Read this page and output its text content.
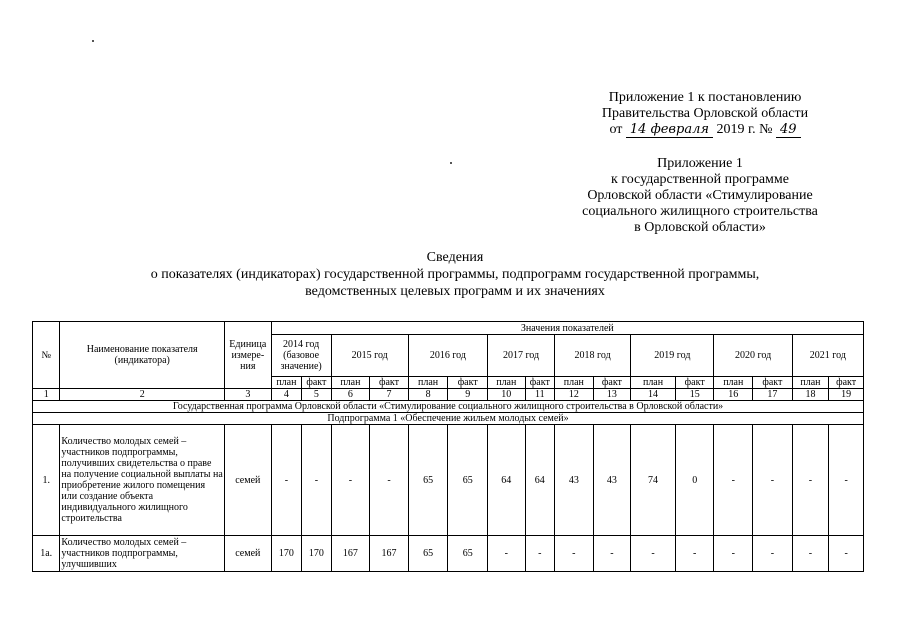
Приложение 1 к постановлению
Правительства Орловской области
от 14 февраля 2019 г. № 49
Приложение 1
к государственной программе
Орловской области «Стимулирование
социального жилищного строительства
в Орловской области»
Сведения
о показателях (индикаторах) государственной программы, подпрограмм государственной программы,
ведомственных целевых программ и их значениях
№	Наименование показателя (индикатора)	Единица измере-ния	Значения показателей															
			2014 год (базовое значение)		2015 год		2016 год		2017 год		2018 год		2019 год		2020 год		2021 год	
			план	факт	план	факт	план	факт	план	факт	план	факт	план	факт	план	факт	план	факт
1	2	3	4	5	6	7	8	9	10	11	12	13	14	15	16	17	18	19
Государственная программа Орловской области «Стимулирование социального жилищного строительства в Орловской области»																		
Подпрограмма 1 «Обеспечение жильем молодых семей»																		
1.	Количество молодых семей – участников подпрограммы, получивших свидетельства о праве на получение социальной выплаты на приобретение жилого помещения или создание объекта индивидуального жилищного строительства	семей	-	-	-	-	65	65	64	64	43	43	74	0	-	-	-	-
1а.	Количество молодых семей – участников подпрограммы, улучшивших	семей	170	170	167	167	65	65	-	-	-	-	-	-	-	-	-	-
